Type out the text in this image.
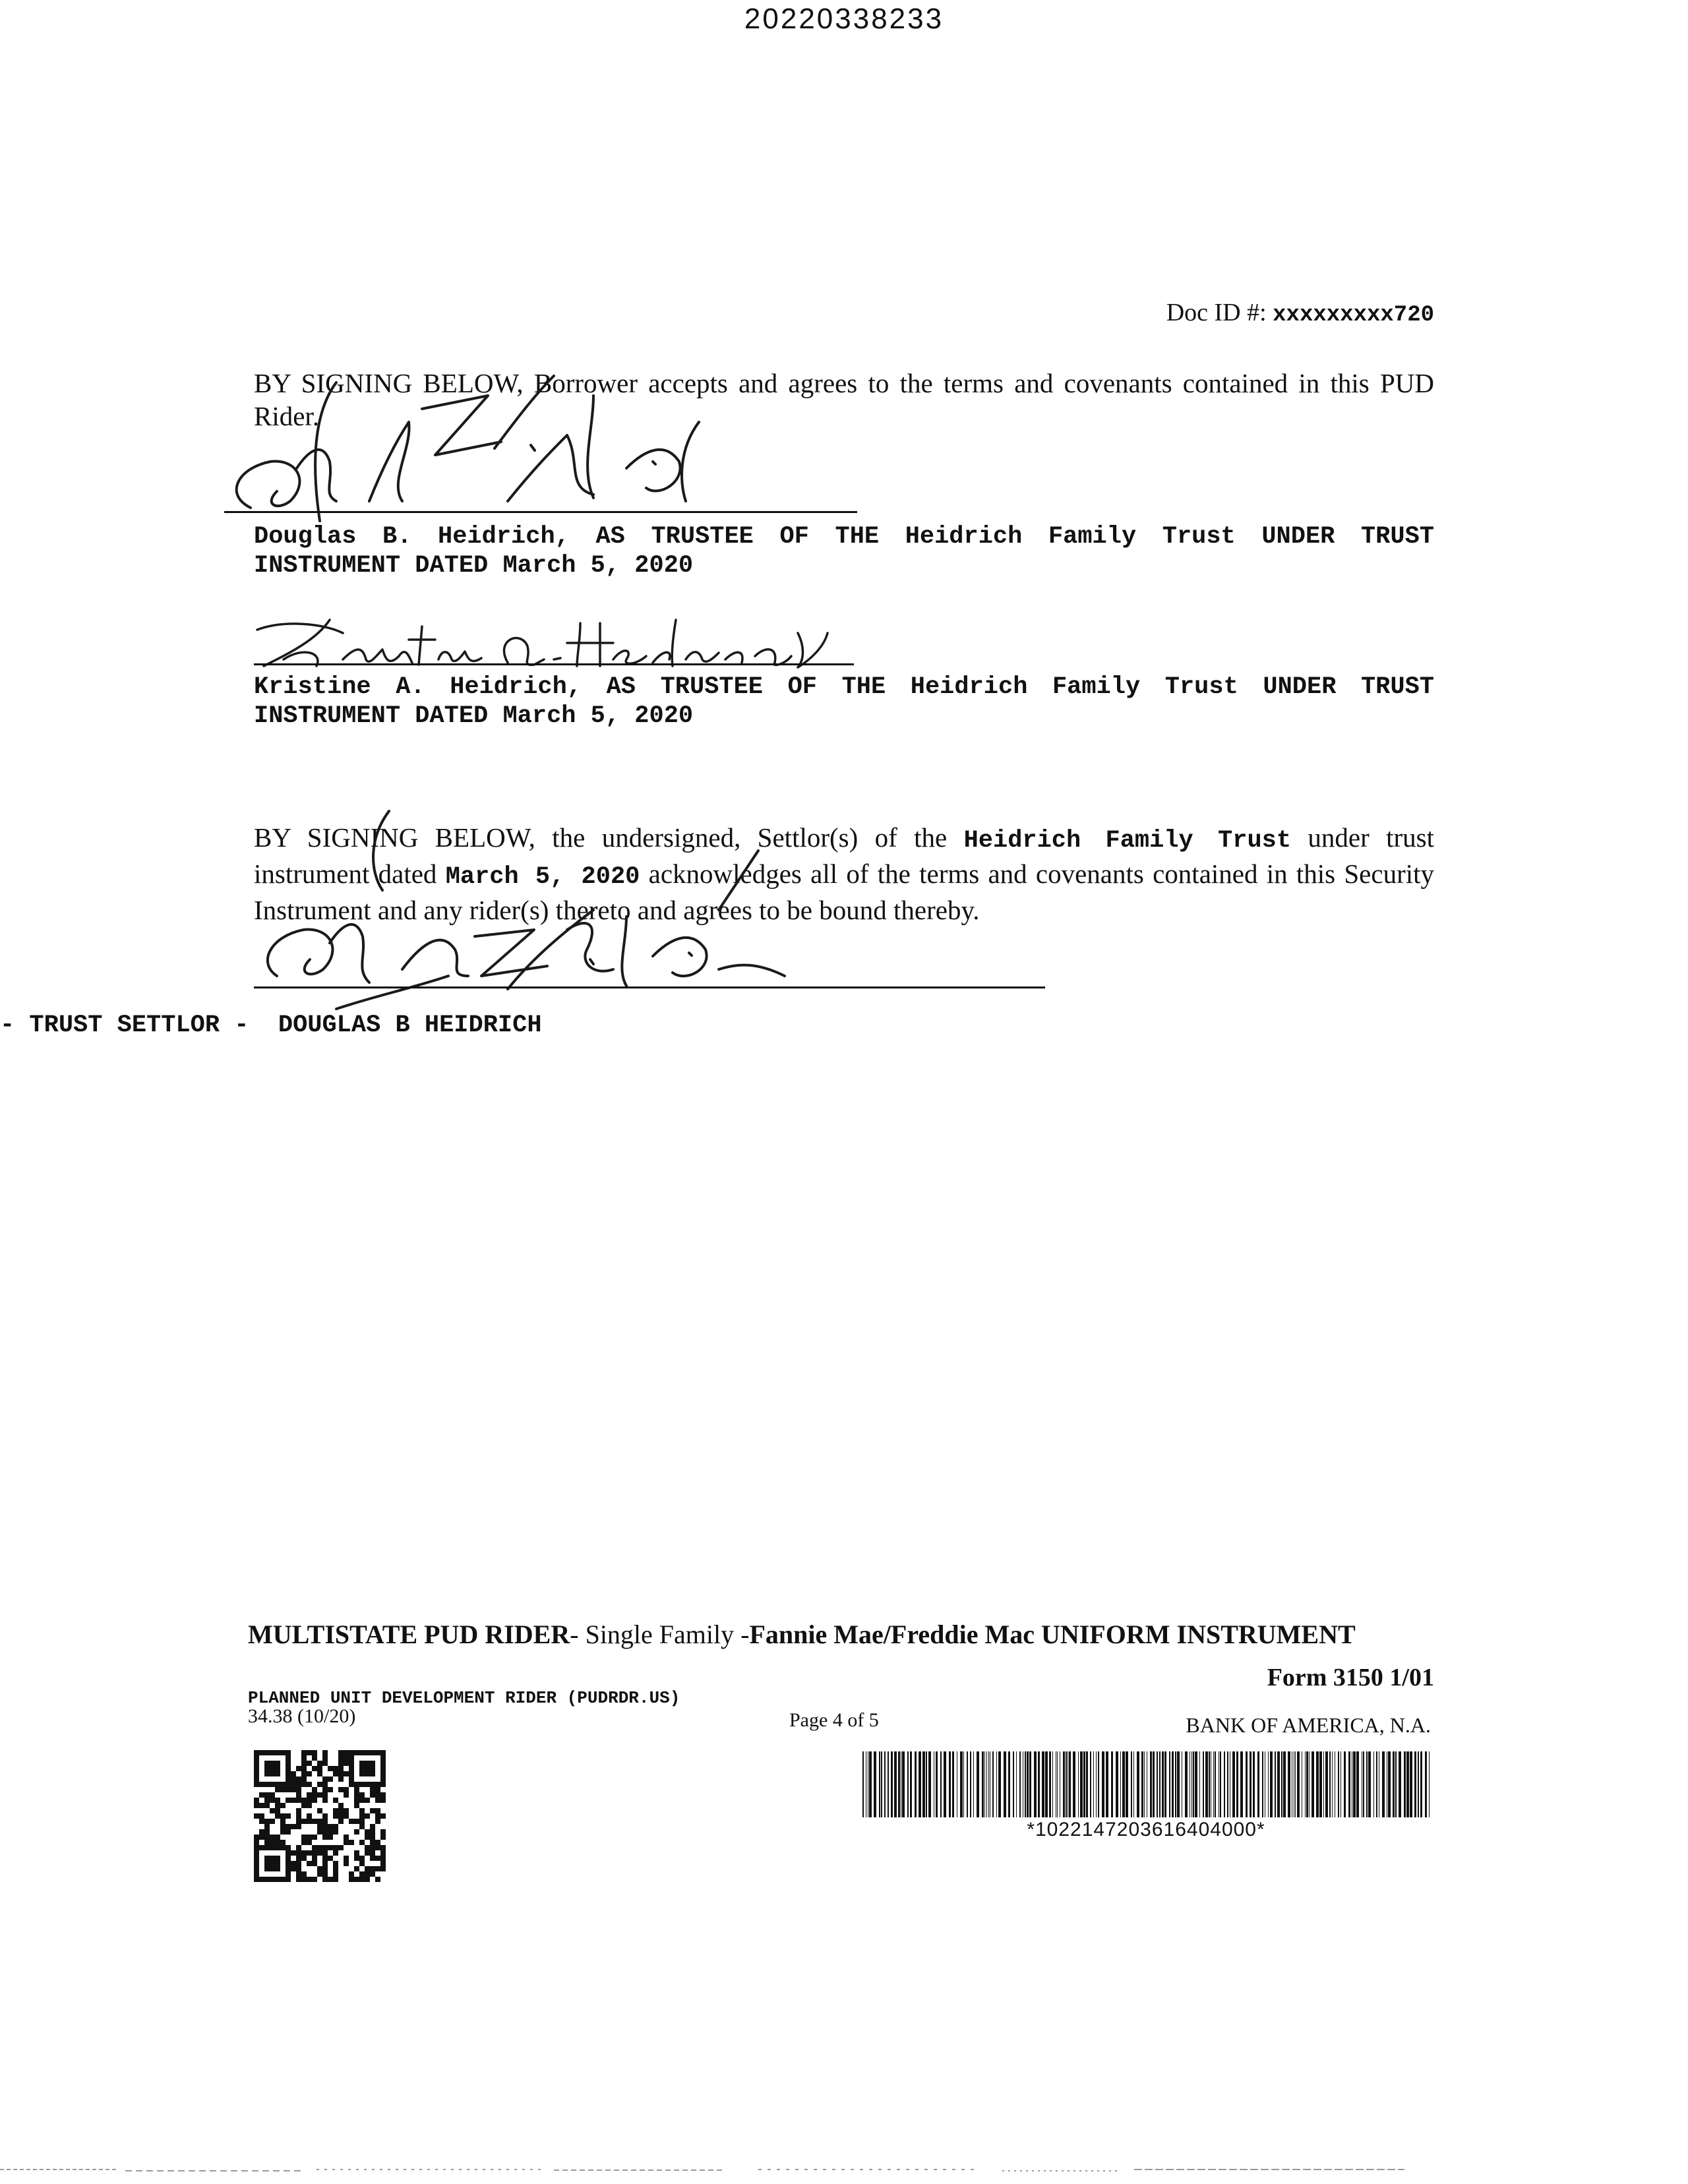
20220338233
Doc ID #: xxxxxxxxx720
BY SIGNING BELOW, Borrower accepts and agrees to the terms and covenants contained in this PUD Rider.
Douglas B. Heidrich, AS TRUSTEE OF THE Heidrich Family Trust UNDER TRUST INSTRUMENT DATED March 5, 2020
Kristine A. Heidrich, AS TRUSTEE OF THE Heidrich Family Trust UNDER TRUST INSTRUMENT DATED March 5, 2020
BY SIGNING BELOW, the undersigned, Settlor(s) of the Heidrich Family Trust under trust instrument dated March 5, 2020 acknowledges all of the terms and covenants contained in this Security Instrument and any rider(s) thereto and agrees to be bound thereby.
- TRUST SETTLOR -  DOUGLAS B HEIDRICH
MULTISTATE PUD RIDER- Single Family -Fannie Mae/Freddie Mac UNIFORM INSTRUMENT
Form 3150 1/01
PLANNED UNIT DEVELOPMENT RIDER (PUDRDR.US)
34.38 (10/20)	Page 4 of 5	BANK OF AMERICA, N.A.
*1022147203616404000*
